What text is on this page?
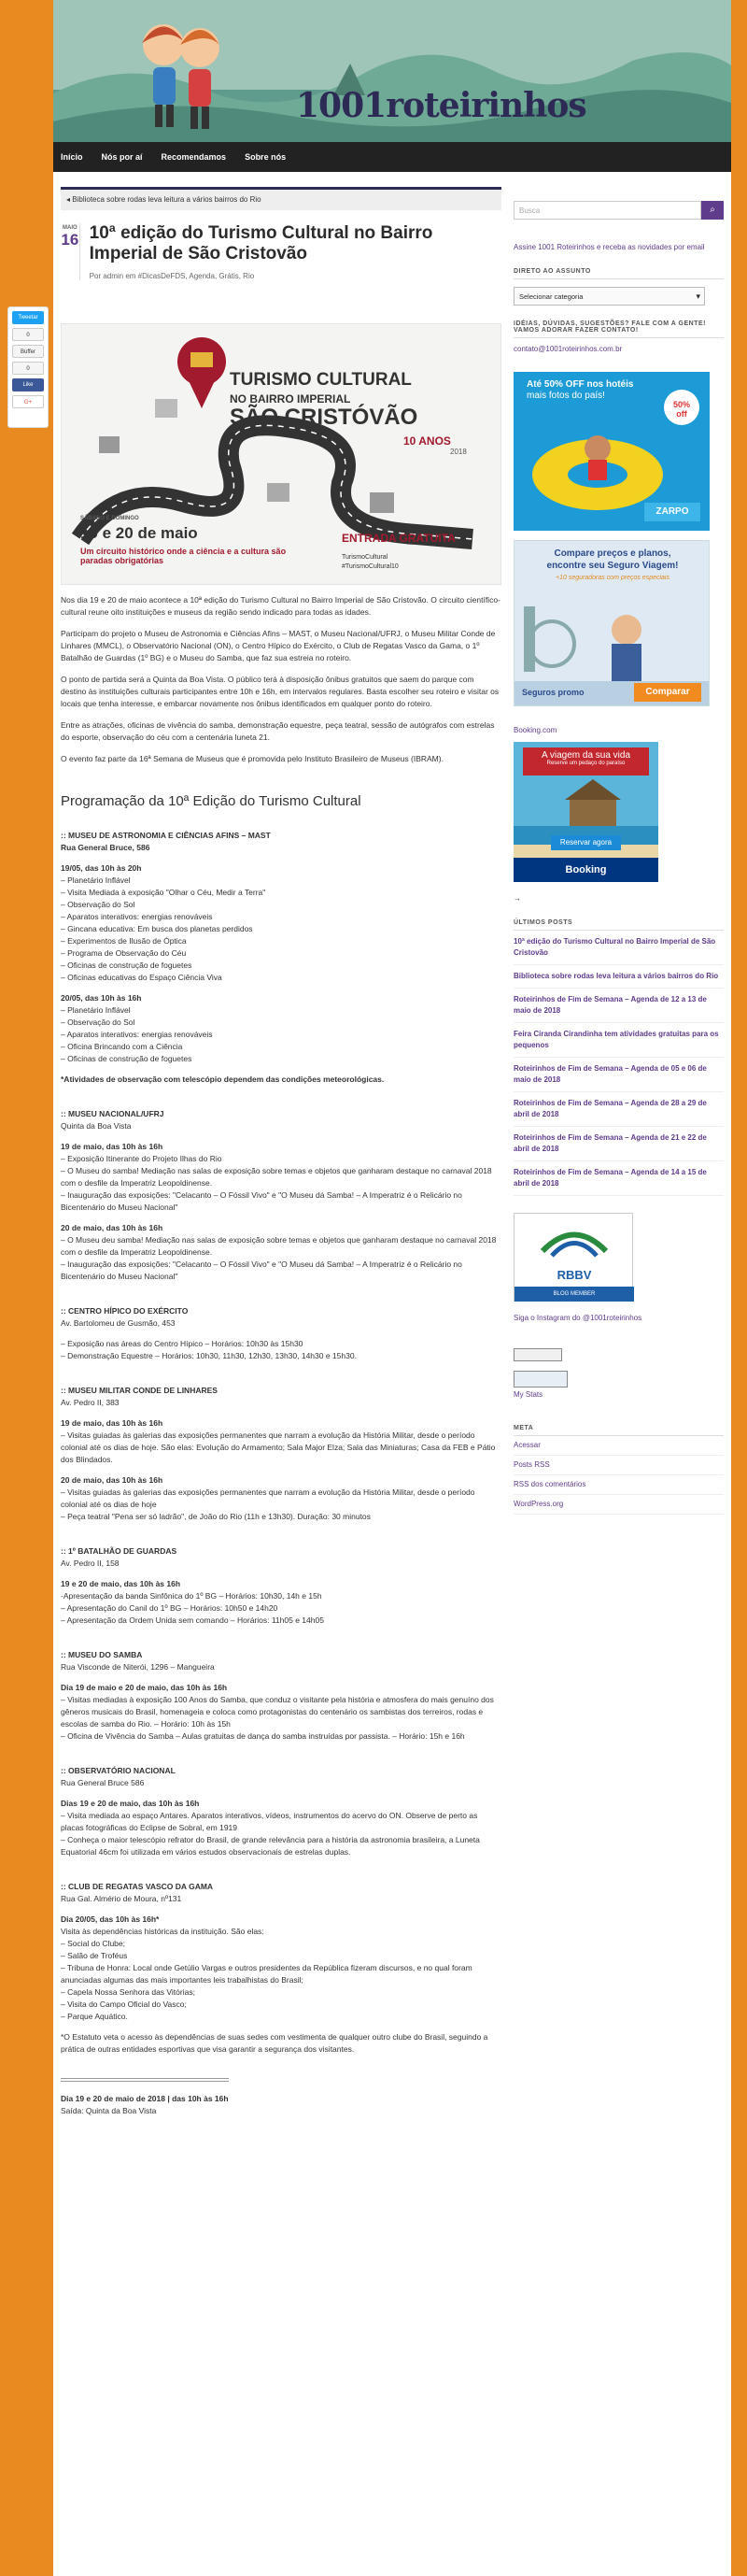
1001roteirinhos
Início Nós por aí Recomendamos Sobre nós
◂ Biblioteca sobre rodas leva leitura a vários bairros do Rio
MAIO
16 10ª edição do Turismo Cultural no Bairro Imperial de São Cristovão
Por admin em #DicasDeFDS, Agenda, Grátis, Rio
TURISMO CULTURAL
NO BAIRRO IMPERIAL
SÃO CRISTÓVÃO
10 ANOS
2018
SÁBADO E DOMINGO
19 e 20 de maio
Um circuito histórico onde a ciência e a cultura são paradas obrigatórias
ENTRADA GRATUITA
TurismoCultural
#TurismoCultural10

Nos dia 19 e 20 de maio acontece a 10ª edição do Turismo Cultural no Bairro Imperial de São Cristovão. O circuito científico-cultural reune oito instituições e museus da região sendo indicado para todas as idades.

Participam do projeto o Museu de Astronomia e Ciências Afins – MAST, o Museu Nacional/UFRJ, o Museu Militar Conde de Linhares (MMCL), o Observatório Nacional (ON), o Centro Hípico do Exército, o Club de Regatas Vasco da Gama, o 1º Batalhão de Guardas (1º BG) e o Museu do Samba, que faz sua estreia no roteiro.

O ponto de partida será a Quinta da Boa Vista. O público terá à disposição ônibus gratuitos que saem do parque com destino às instituições culturais participantes entre 10h e 16h, em intervalos regulares. Basta escolher seu roteiro e visitar os locais que tenha interesse, e embarcar novamente nos ônibus identificados em qualquer ponto do roteiro.

Entre as atrações, oficinas de vivência do samba, demonstração equestre, peça teatral, sessão de autógrafos com estrelas do esporte, observação do céu com a centenária luneta 21.

O evento faz parte da 16ª Semana de Museus que é promovida pelo Instituto Brasileiro de Museus (IBRAM).

Programação da 10ª Edição do Turismo Cultural
:: MUSEU DE ASTRONOMIA E CIÊNCIAS AFINS – MAST
Rua General Bruce, 586
19/05, das 10h às 20h
– Planetário Inflável
– Visita Mediada à exposição "Olhar o Céu, Medir a Terra"
– Observação do Sol
– Aparatos interativos: energias renováveis
– Gincana educativa: Em busca dos planetas perdidos
– Experimentos de Ilusão de Óptica
– Programa de Observação do Céu
– Oficinas de construção de foguetes
– Oficinas educativas do Espaço Ciência Viva
20/05, das 10h às 16h
– Planetário Inflável
– Observação do Sol
– Aparatos interativos: energias renováveis
– Oficina Brincando com a Ciência
– Oficinas de construção de foguetes
*Atividades de observação com telescópio dependem das condições meteorológicas.
:: MUSEU NACIONAL/UFRJ
Quinta da Boa Vista
19 de maio, das 10h às 16h
– Exposição Itinerante do Projeto Ilhas do Rio
– O Museu do samba! Mediação nas salas de exposição sobre temas e objetos que ganharam destaque no carnaval 2018 com o desfile da Imperatriz Leopoldinense.
– Inauguração das exposições: "Celacanto – O Fóssil Vivo" e "O Museu dá Samba! – A Imperatriz é o Relicário no Bicentenário do Museu Nacional"
20 de maio, das 10h às 16h
– O Museu deu samba! Mediação nas salas de exposição sobre temas e objetos que ganharam destaque no carnaval 2018 com o desfile da Imperatriz Leopoldinense.
– Inauguração das exposições: "Celacanto – O Fóssil Vivo" e "O Museu dá Samba! – A Imperatriz é o Relicário no Bicentenário do Museu Nacional"
:: CENTRO HÍPICO DO EXÉRCITO
Av. Bartolomeu de Gusmão, 453
– Exposição nas áreas do Centro Hípico – Horários: 10h30 às 15h30
– Demonstração Equestre – Horários: 10h30, 11h30, 12h30, 13h30, 14h30 e 15h30.
:: MUSEU MILITAR CONDE DE LINHARES
Av. Pedro II, 383
19 de maio, das 10h às 16h
– Visitas guiadas às galerias das exposições permanentes que narram a evolução da História Militar, desde o período colonial até os dias de hoje. São elas: Evolução do Armamento; Sala Major Elza; Sala das Miniaturas; Casa da FEB e Pátio dos Blindados.
20 de maio, das 10h às 16h
– Visitas guiadas às galerias das exposições permanentes que narram a evolução da História Militar, desde o período colonial até os dias de hoje
– Peça teatral "Pena ser só ladrão", de João do Rio (11h e 13h30). Duração: 30 minutos
:: 1º BATALHÃO DE GUARDAS
Av. Pedro II, 158
19 e 20 de maio, das 10h às 16h
-Apresentação da banda Sinfônica do 1º BG – Horários: 10h30, 14h e 15h
– Apresentação do Canil do 1º BG – Horários: 10h50 e 14h20
– Apresentação da Ordem Unida sem comando – Horários: 11h05 e 14h05
:: MUSEU DO SAMBA
Rua Visconde de Niterói, 1296 – Mangueira
Dia 19 de maio e 20 de maio, das 10h às 16h
– Visitas mediadas à exposição 100 Anos do Samba, que conduz o visitante pela história e atmosfera do mais genuíno dos gêneros musicais do Brasil, homenageia e coloca como protagonistas do centenário os sambistas dos terreiros, rodas e escolas de samba do Rio. – Horário: 10h às 15h
– Oficina de Vivência do Samba – Aulas gratuitas de dança do samba instruídas por passista. – Horário: 15h e 16h
:: OBSERVATÓRIO NACIONAL
Rua General Bruce 586
Dias 19 e 20 de maio, das 10h às 16h
– Visita mediada ao espaço Antares. Aparatos interativos, vídeos, instrumentos do acervo do ON. Observe de perto as placas fotográficas do Eclipse de Sobral, em 1919
– Conheça o maior telescópio refrator do Brasil, de grande relevância para a história da astronomia brasileira, a Luneta Equatorial 46cm foi utilizada em vários estudos observacionais de estrelas duplas.
:: CLUB DE REGATAS VASCO DA GAMA
Rua Gal. Almério de Moura, nº131
Dia 20/05, das 10h às 16h*
Visita às dependências históricas da instituição. São elas:
– Social do Clube;
– Salão de Troféus
– Tribuna de Honra: Local onde Getúlio Vargas e outros presidentes da República fizeram discursos, e no qual foram anunciadas algumas das mais importantes leis trabalhistas do Brasil;
– Capela Nossa Senhora das Vitórias;
– Visita do Campo Oficial do Vasco;
– Parque Aquático.
*O Estatuto veta o acesso às dependências de suas sedes com vestimenta de qualquer outro clube do Brasil, seguindo a prática de outras entidades esportivas que visa garantir a segurança dos visitantes.
Dia 19 e 20 de maio de 2018 | das 10h às 16h
Saída: Quinta da Boa Vista
Busca	⌕
Assine 1001 Roteirinhos e receba as novidades por email
DIRETO AO ASSUNTO
Selecionar categoria ▾
IDÉIAS, DÚVIDAS, SUGESTÕES? FALE COM A GENTE! VAMOS ADORAR FAZER CONTATO!
contato@1001roteirinhos.com.br
Até 50% OFF nos hotéis
mais fotos do país!
50% off
ZARPO
Compare preços e planos,
encontre seu Seguro Viagem!
+10 seguradoras com preços especiais
Seguros promo	Comparar
Booking.com
A viagem da sua vida
Reserve um pedaço do paraíso
Reservar agora
Booking
→
ÚLTIMOS POSTS
10ª edição do Turismo Cultural no Bairro Imperial de São Cristovão
Biblioteca sobre rodas leva leitura a vários bairros do Rio
Roteirinhos de Fim de Semana – Agenda de 12 a 13 de maio de 2018
Feira Ciranda Cirandinha tem atividades gratuitas para os pequenos
Roteirinhos de Fim de Semana – Agenda de 05 e 06 de maio de 2018
Roteirinhos de Fim de Semana – Agenda de 28 a 29 de abril de 2018
Roteirinhos de Fim de Semana – Agenda de 21 e 22 de abril de 2018
Roteirinhos de Fim de Semana – Agenda de 14 a 15 de abril de 2018
RBBV
BLOG MEMBER
Siga o Instagram do @1001roteirinhos
My Stats
META
Acessar
Posts RSS
RSS dos comentários
WordPress.org
Tweetar
0
Buffer
0
Like
G+
